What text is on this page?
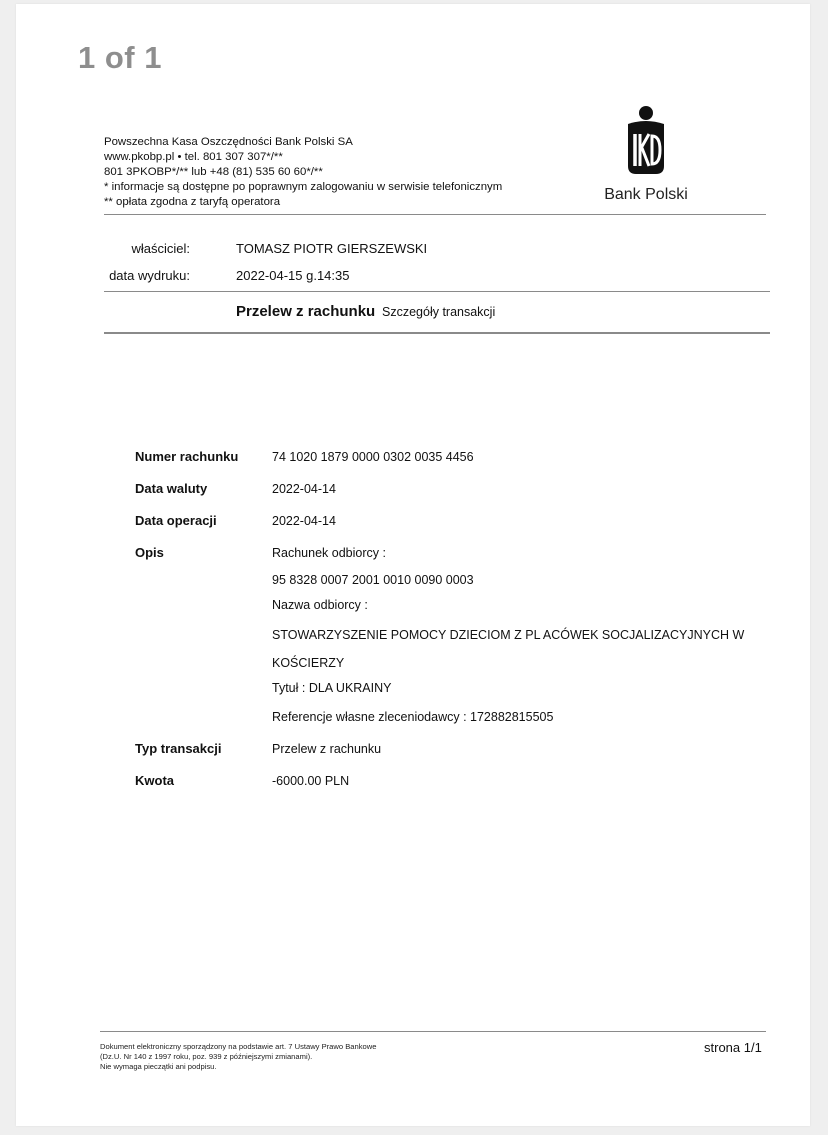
1 of 1
Powszechna Kasa Oszczędności Bank Polski SA
www.pkobp.pl • tel. 801 307 307*/**
801 3PKOBP*/** lub +48 (81) 535 60 60*/**
* informacje są dostępne po poprawnym zalogowaniu w serwisie telefonicznym
** opłata zgodna z taryfą operatora	Bank Polski
właściciel:	TOMASZ PIOTR GIERSZEWSKI
data wydruku:	2022-04-15 g.14:35
Przelew z rachunku Szczegóły transakcji
Numer rachunku	74 1020 1879 0000 0302 0035 4456
Data waluty	2022-04-14
Data operacji	2022-04-14
Opis	Rachunek odbiorcy :
95 8328 0007 2001 0010 0090 0003
Nazwa odbiorcy :
STOWARZYSZENIE POMOCY DZIECIOM Z PL ACÓWEK SOCJALIZACYJNYCH W
KOŚCIERZY
Tytuł : DLA UKRAINY
Referencje własne zleceniodawcy : 172882815505
Typ transakcji	Przelew z rachunku
Kwota	-6000.00 PLN
Dokument elektroniczny sporządzony na podstawie art. 7 Ustawy Prawo Bankowe
(Dz.U. Nr 140 z 1997 roku, poz. 939 z późniejszymi zmianami).
Nie wymaga pieczątki ani podpisu.
strona 1/1
